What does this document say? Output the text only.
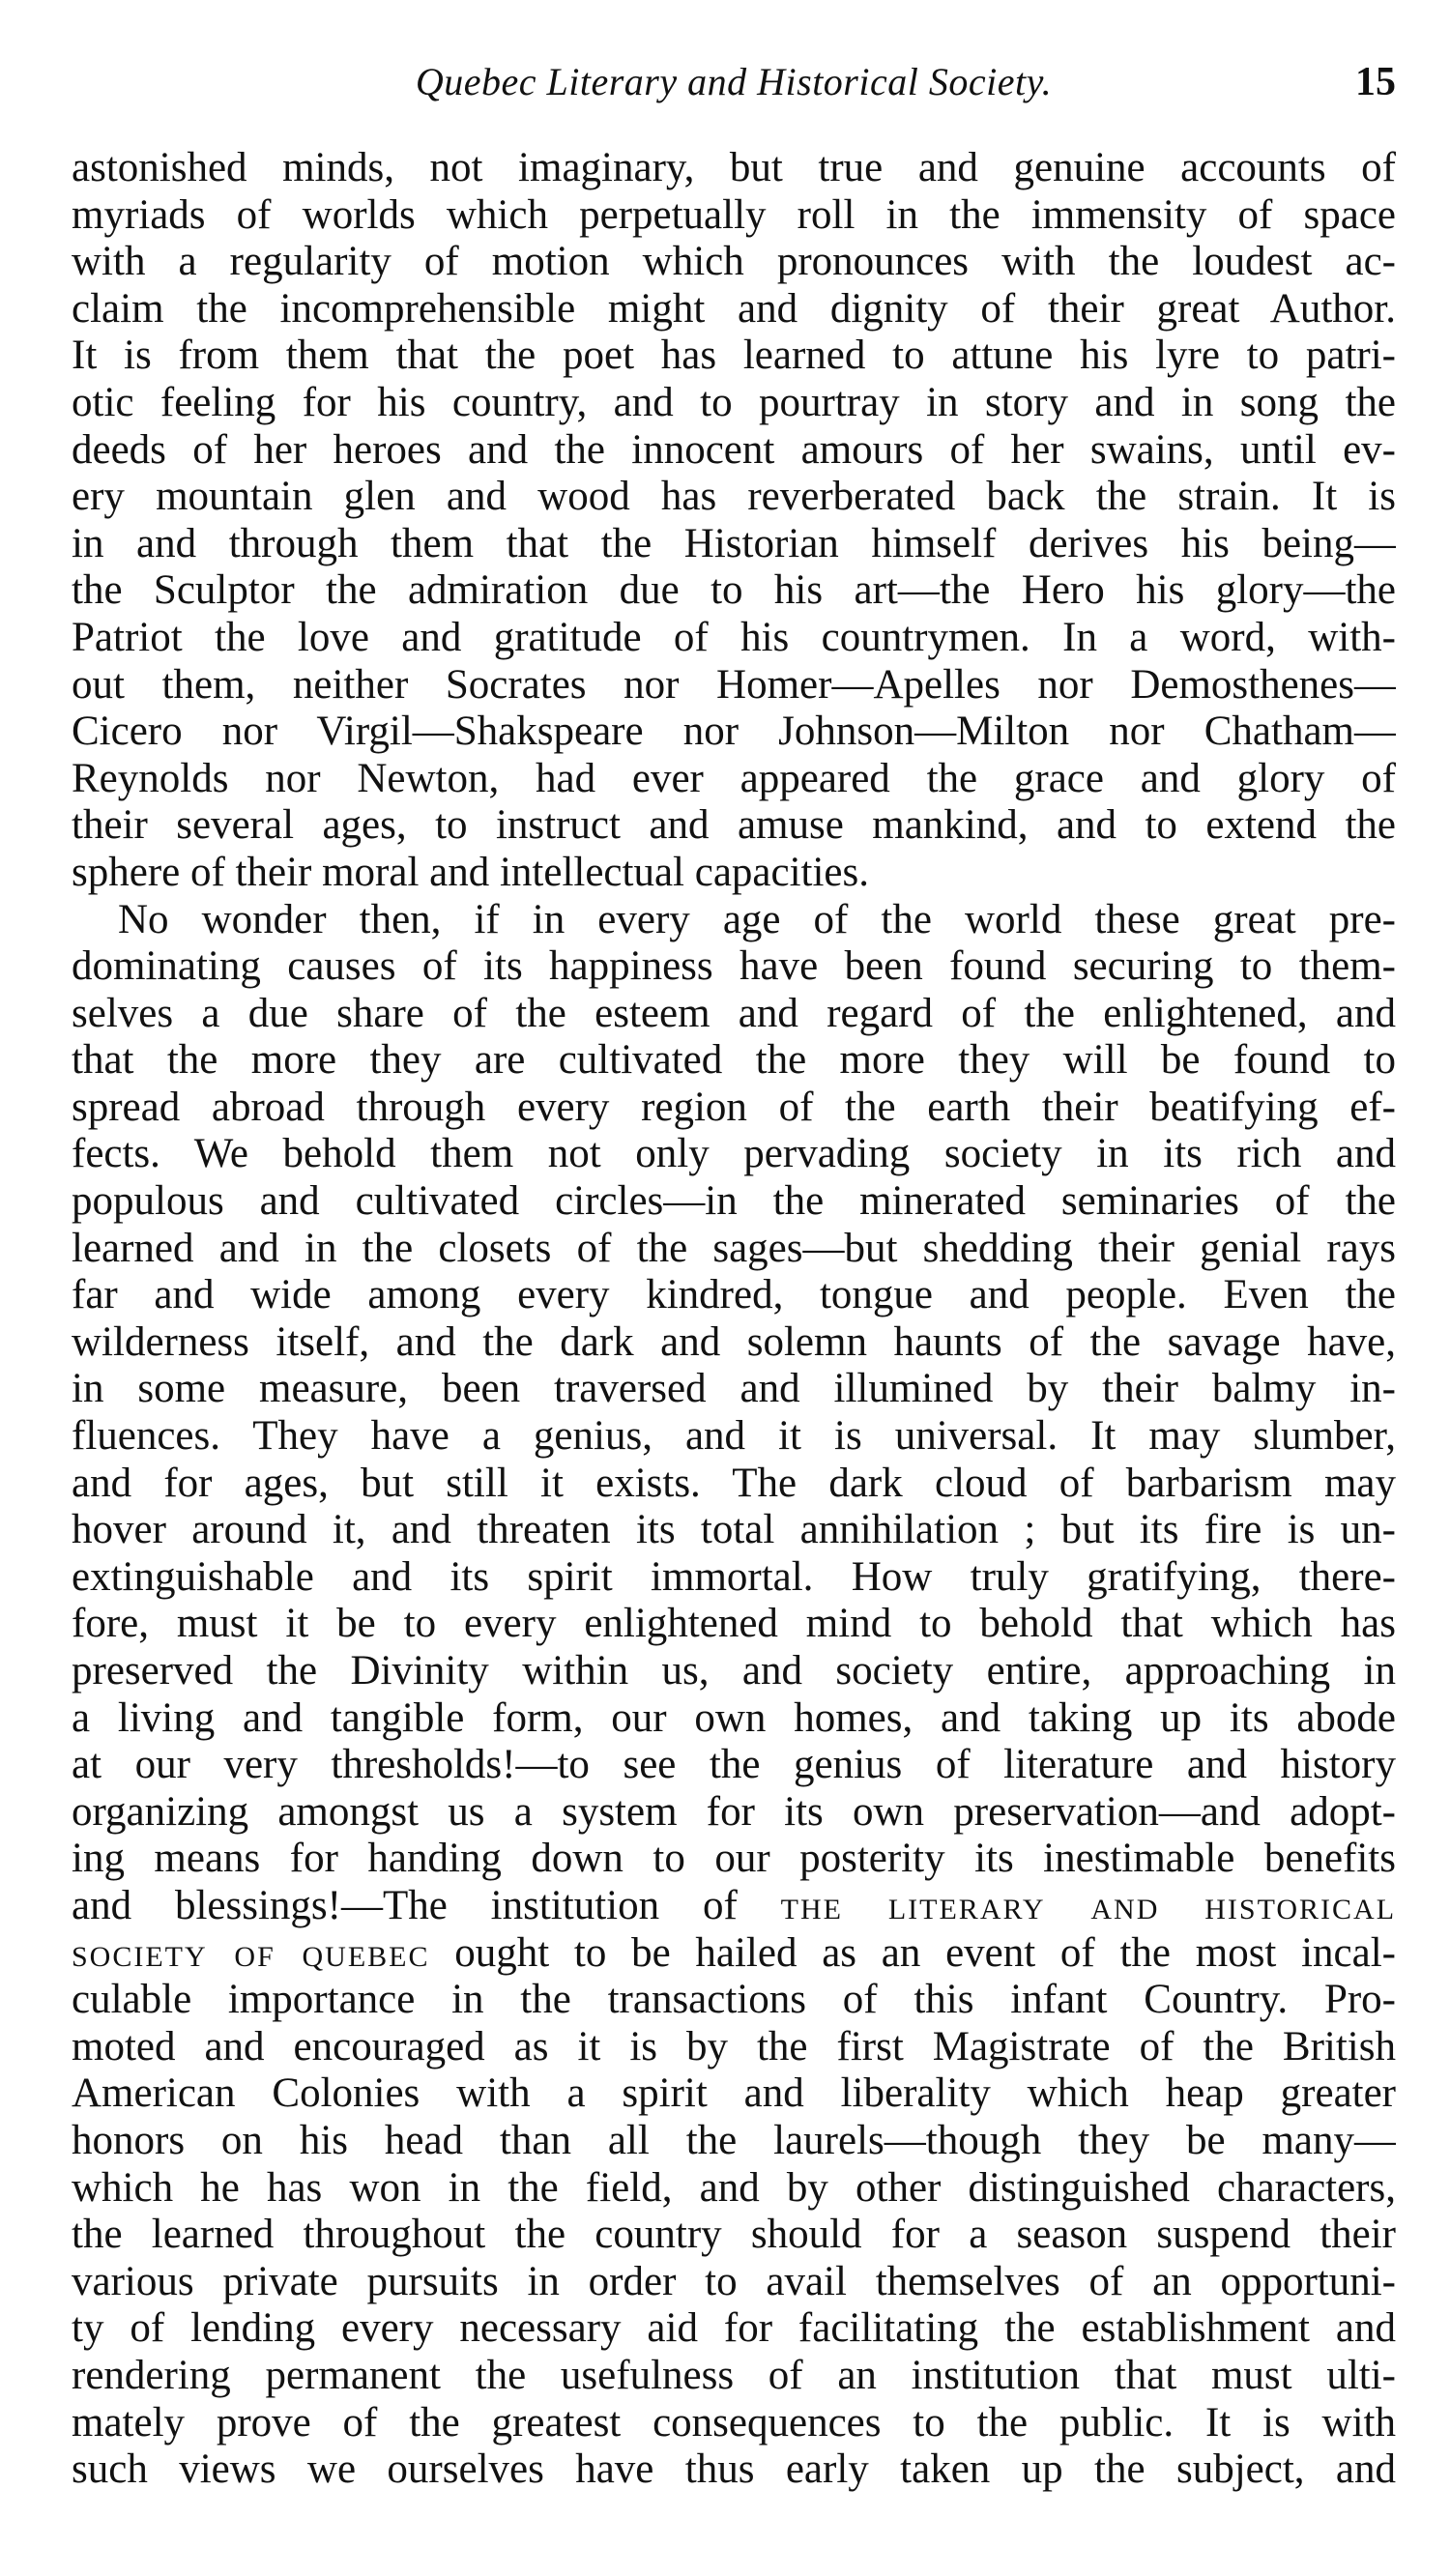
Quebec Literary and Historical Society.	15
astonished minds, not imaginary, but true and genuine accounts of
myriads of worlds which perpetually roll in the immensity of space
with a regularity of motion which pronounces with the loudest ac-
claim the incomprehensible might and dignity of their great Author.
It is from them that the poet has learned to attune his lyre to patri-
otic feeling for his country, and to pourtray in story and in song the
deeds of her heroes and the innocent amours of her swains, until ev-
ery mountain glen and wood has reverberated back the strain. It is
in and through them that the Historian himself derives his being—
the Sculptor the admiration due to his art—the Hero his glory—the
Patriot the love and gratitude of his countrymen. In a word, with-
out them, neither Socrates nor Homer—Apelles nor Demosthenes—
Cicero nor Virgil—Shakspeare nor Johnson—Milton nor Chatham—
Reynolds nor Newton, had ever appeared the grace and glory of
their several ages, to instruct and amuse mankind, and to extend the
sphere of their moral and intellectual capacities.
No wonder then, if in every age of the world these great pre-
dominating causes of its happiness have been found securing to them-
selves a due share of the esteem and regard of the enlightened, and
that the more they are cultivated the more they will be found to
spread abroad through every region of the earth their beatifying ef-
fects. We behold them not only pervading society in its rich and
populous and cultivated circles—in the minerated seminaries of the
learned and in the closets of the sages—but shedding their genial rays
far and wide among every kindred, tongue and people. Even the
wilderness itself, and the dark and solemn haunts of the savage have,
in some measure, been traversed and illumined by their balmy in-
fluences. They have a genius, and it is universal. It may slumber,
and for ages, but still it exists. The dark cloud of barbarism may
hover around it, and threaten its total annihilation ; but its fire is un-
extinguishable and its spirit immortal. How truly gratifying, there-
fore, must it be to every enlightened mind to behold that which has
preserved the Divinity within us, and society entire, approaching in
a living and tangible form, our own homes, and taking up its abode
at our very thresholds!—to see the genius of literature and history
organizing amongst us a system for its own preservation—and adopt-
ing means for handing down to our posterity its inestimable benefits
and blessings!—The institution of the literary and historical
society of quebec ought to be hailed as an event of the most incal-
culable importance in the transactions of this infant Country. Pro-
moted and encouraged as it is by the first Magistrate of the British
American Colonies with a spirit and liberality which heap greater
honors on his head than all the laurels—though they be many—
which he has won in the field, and by other distinguished characters,
the learned throughout the country should for a season suspend their
various private pursuits in order to avail themselves of an opportuni-
ty of lending every necessary aid for facilitating the establishment and
rendering permanent the usefulness of an institution that must ulti-
mately prove of the greatest consequences to the public. It is with
such views we ourselves have thus early taken up the subject, and
